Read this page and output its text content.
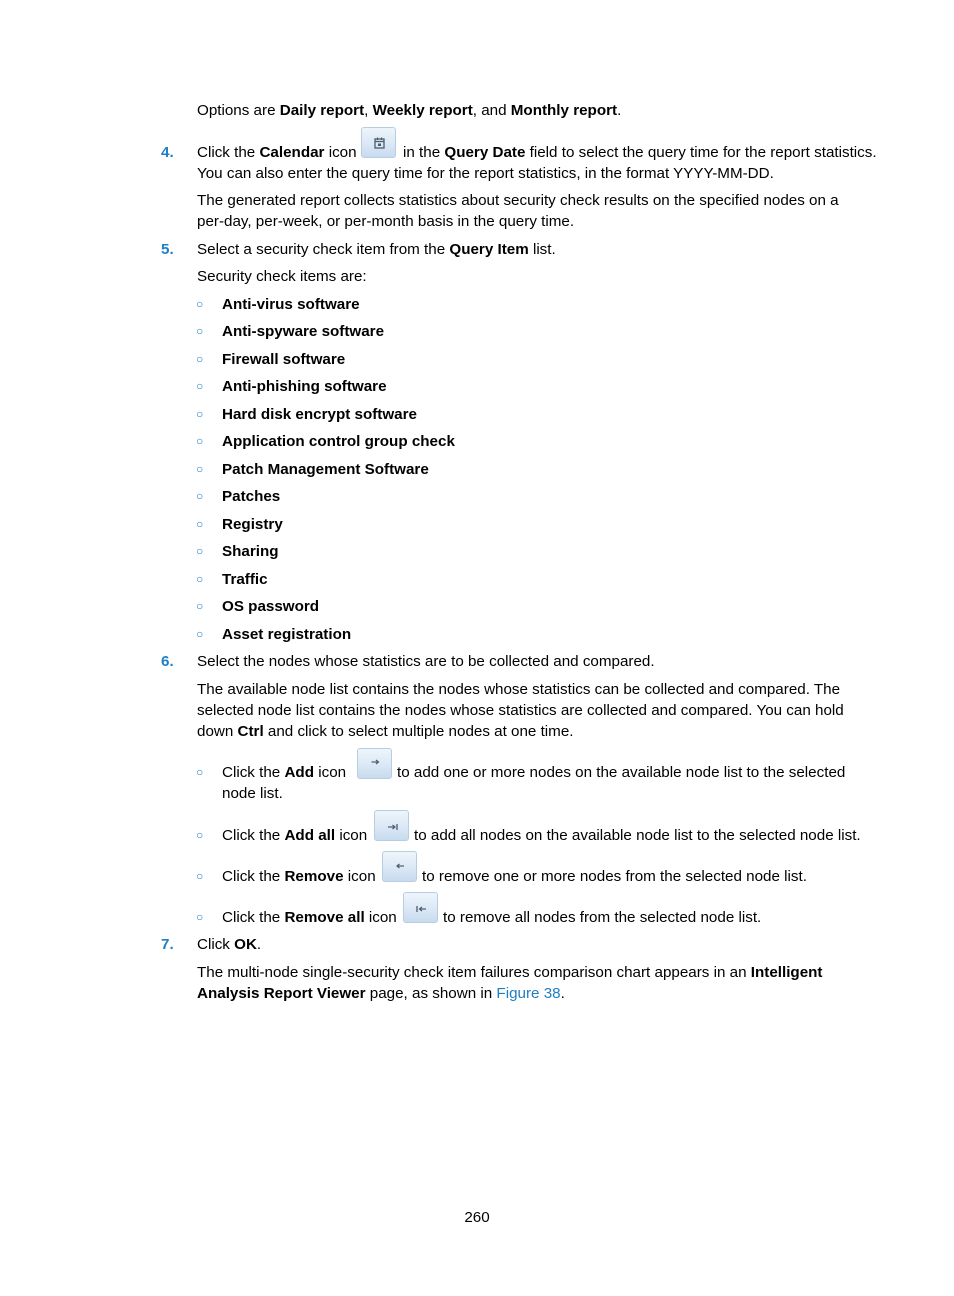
Options are Daily report, Weekly report, and Monthly report.
4. Click the Calendar icon	in the Query Date field to select the query time for the report statistics.
You can also enter the query time for the report statistics, in the format YYYY-MM-DD.
The generated report collects statistics about security check results on the specified nodes on a
per-day, per-week, or per-month basis in the query time.
5. Select a security check item from the Query Item list.
Security check items are:
○ Anti-virus software
○ Anti-spyware software
○ Firewall software
○ Anti-phishing software
○ Hard disk encrypt software
○ Application control group check
○ Patch Management Software
○ Patches
○ Registry
○ Sharing
○ Traffic
○ OS password
○ Asset registration
6. Select the nodes whose statistics are to be collected and compared.
The available node list contains the nodes whose statistics can be collected and compared. The
selected node list contains the nodes whose statistics are collected and compared. You can hold
down Ctrl and click to select multiple nodes at one time.
○ Click the Add icon	to add one or more nodes on the available node list to the selected
node list.
○ Click the Add all icon	to add all nodes on the available node list to the selected node list.
○ Click the Remove icon	to remove one or more nodes from the selected node list.
○ Click the Remove all icon	to remove all nodes from the selected node list.
7. Click OK.
The multi-node single-security check item failures comparison chart appears in an Intelligent
Analysis Report Viewer page, as shown in Figure 38.
260
